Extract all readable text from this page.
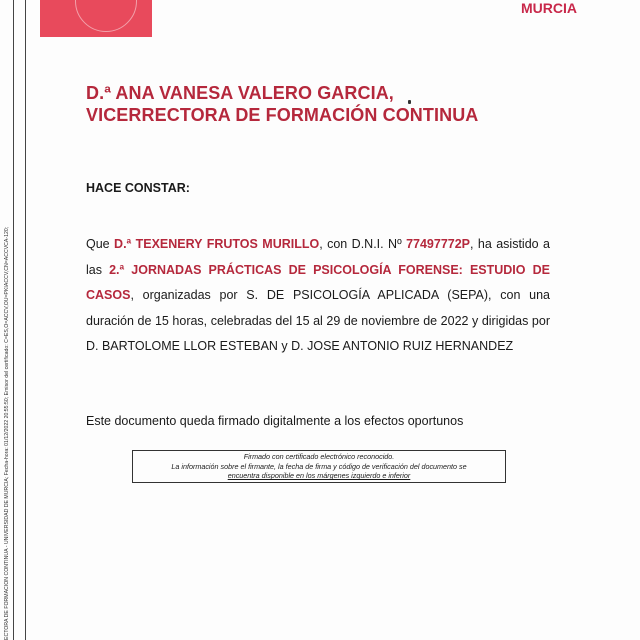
ECTORA DE FORMACION CONTINUA - UNIVERSIDAD DE MURCIA; Fecha-hora: 01/12/2022 20:55:50; Emisor del certificado: C=ES,O=ACCV,OU=PKIACCV,CN=ACCVCA-120;
MURCIA
D.ª ANA VANESA VALERO GARCIA,
VICERRECTORA DE FORMACIÓN CONTINUA
HACE CONSTAR:
Que D.ª TEXENERY FRUTOS MURILLO, con D.N.I. Nº 77497772P, ha asistido a las 2.ª JORNADAS PRÁCTICAS DE PSICOLOGÍA FORENSE: ESTUDIO DE CASOS, organizadas por S. DE PSICOLOGÍA APLICADA (SEPA), con una duración de 15 horas, celebradas del 15 al 29 de noviembre de 2022 y dirigidas por D. BARTOLOME LLOR ESTEBAN y D. JOSE ANTONIO RUIZ HERNANDEZ
Este documento queda firmado digitalmente a los efectos oportunos
Firmado con certificado electrónico reconocido.
La información sobre el firmante, la fecha de firma y código de verificación del documento se
encuentra disponible en los márgenes izquierdo e inferior
